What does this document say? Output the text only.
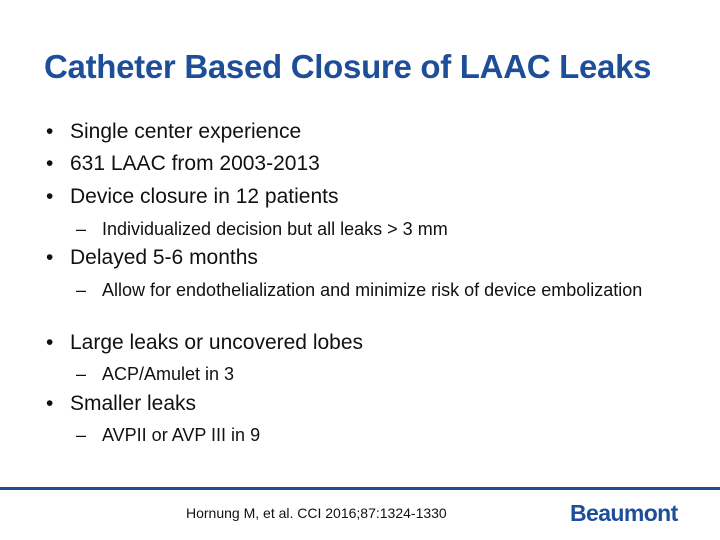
Catheter Based Closure of LAAC Leaks
• Single center experience
• 631 LAAC from 2003-2013
• Device closure in 12 patients
– Individualized decision but all leaks > 3 mm
• Delayed 5-6 months
– Allow for endothelialization and minimize risk of device embolization
• Large leaks or uncovered lobes
– ACP/Amulet in 3
• Smaller leaks
– AVPII or AVP III in 9
Hornung M, et al. CCI 2016;87:1324-1330	Beaumont
